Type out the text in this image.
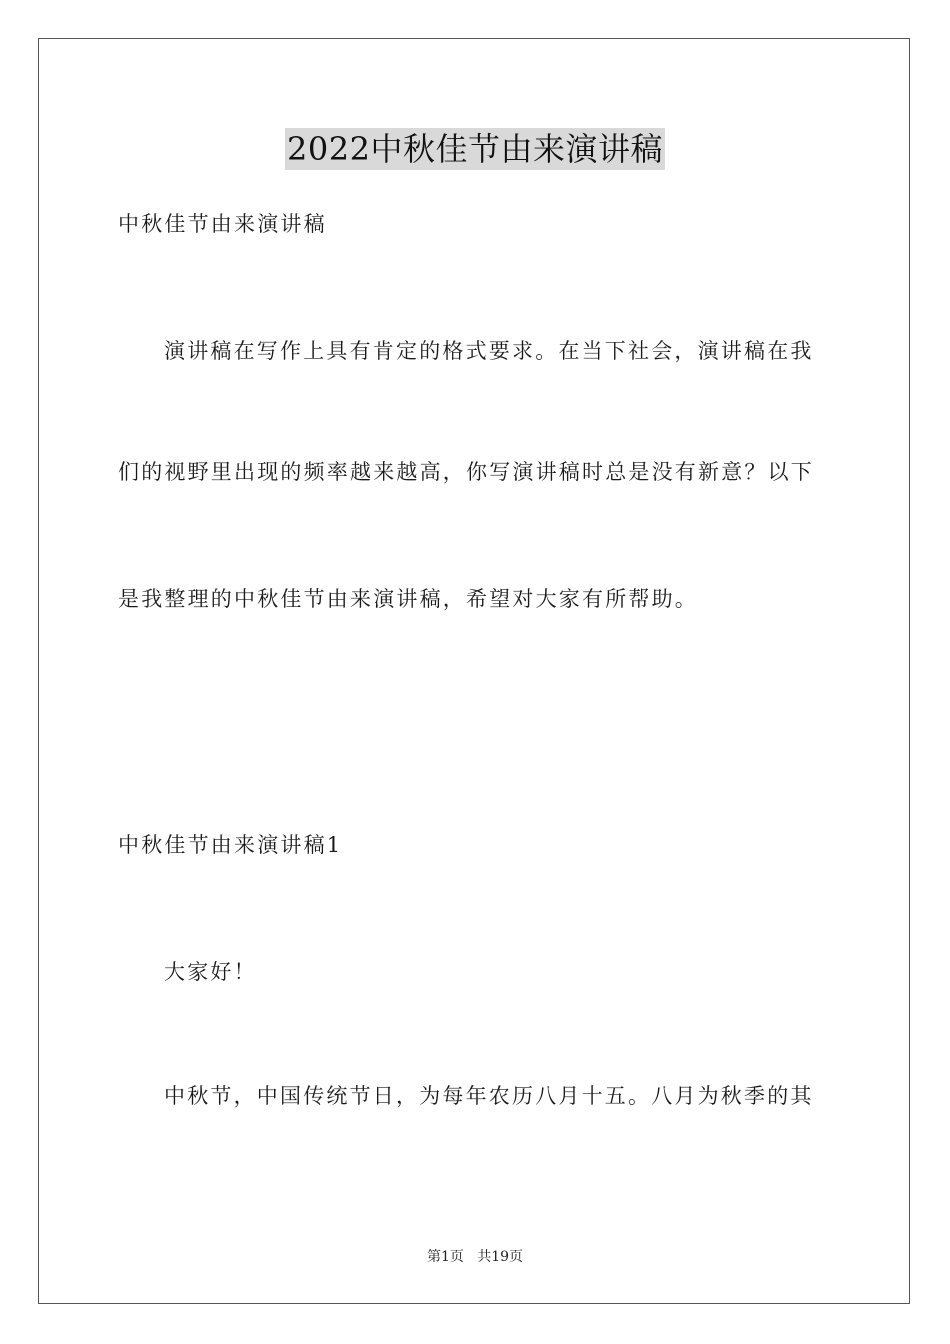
2022中秋佳节由来演讲稿
中秋佳节由来演讲稿
演讲稿在写作上具有肯定的格式要求。在当下社会，演讲稿在我
们的视野里出现的频率越来越高，你写演讲稿时总是没有新意？以下
是我整理的中秋佳节由来演讲稿，希望对大家有所帮助。
中秋佳节由来演讲稿1
大家好！
中秋节，中国传统节日，为每年农历八月十五。八月为秋季的其
第1页   共19页
